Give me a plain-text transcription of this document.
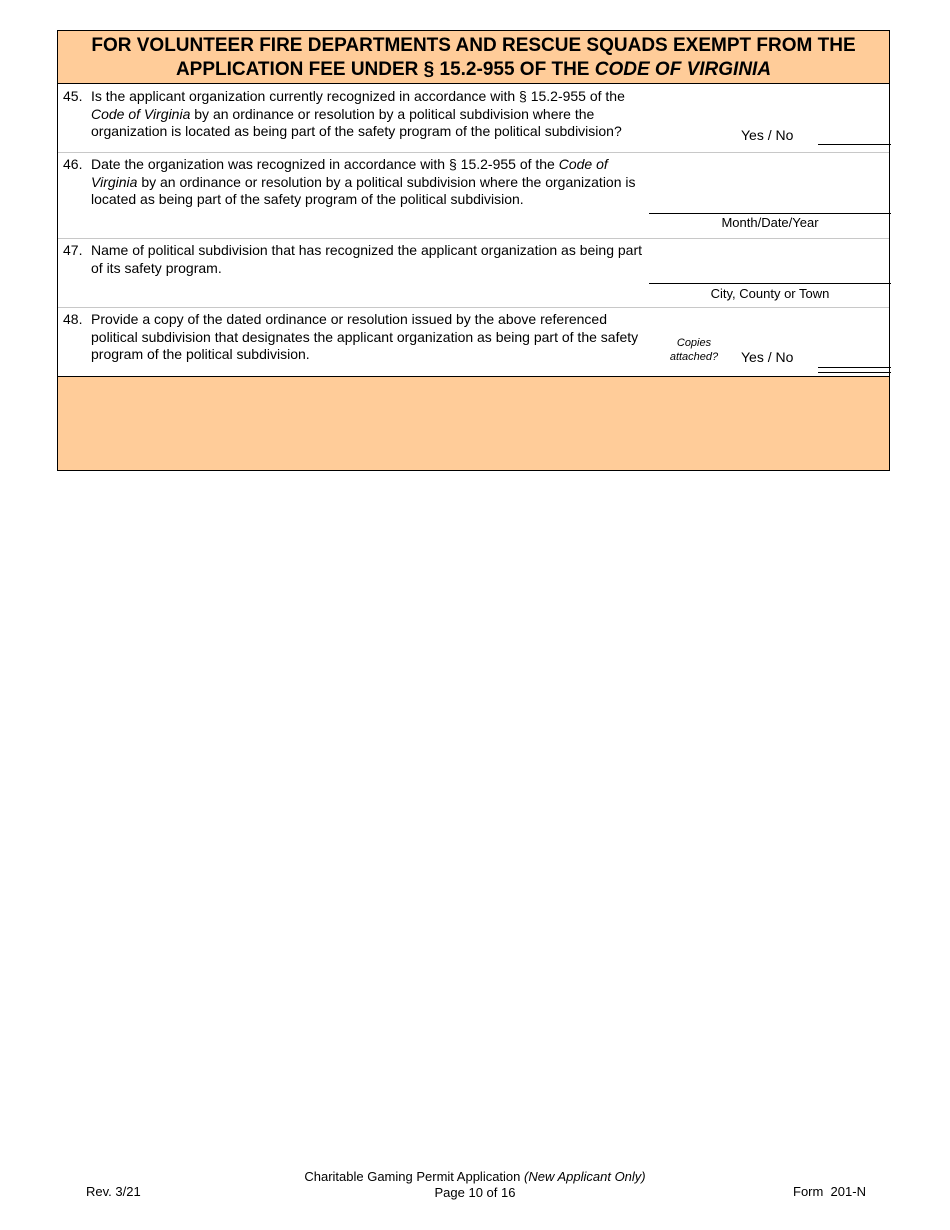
FOR VOLUNTEER FIRE DEPARTMENTS AND RESCUE SQUADS EXEMPT FROM THE
APPLICATION FEE UNDER § 15.2-955 OF THE CODE OF VIRGINIA
45. Is the applicant organization currently recognized in accordance with § 15.2-955 of the Code of Virginia by an ordinance or resolution by a political subdivision where the organization is located as being part of the safety program of the political subdivision?	Yes / No
46. Date the organization was recognized in accordance with § 15.2-955 of the Code of Virginia by an ordinance or resolution by a political subdivision where the organization is located as being part of the safety program of the political subdivision.
Month/Date/Year
47. Name of political subdivision that has recognized the applicant organization as being part of its safety program.
City, County or Town
48. Provide a copy of the dated ordinance or resolution issued by the above referenced political subdivision that designates the applicant organization as being part of the safety program of the political subdivision.
Copies
attached?	Yes / No
Rev. 3/21
Charitable Gaming Permit Application (New Applicant Only)
Page 10 of 16	Form  201-N
